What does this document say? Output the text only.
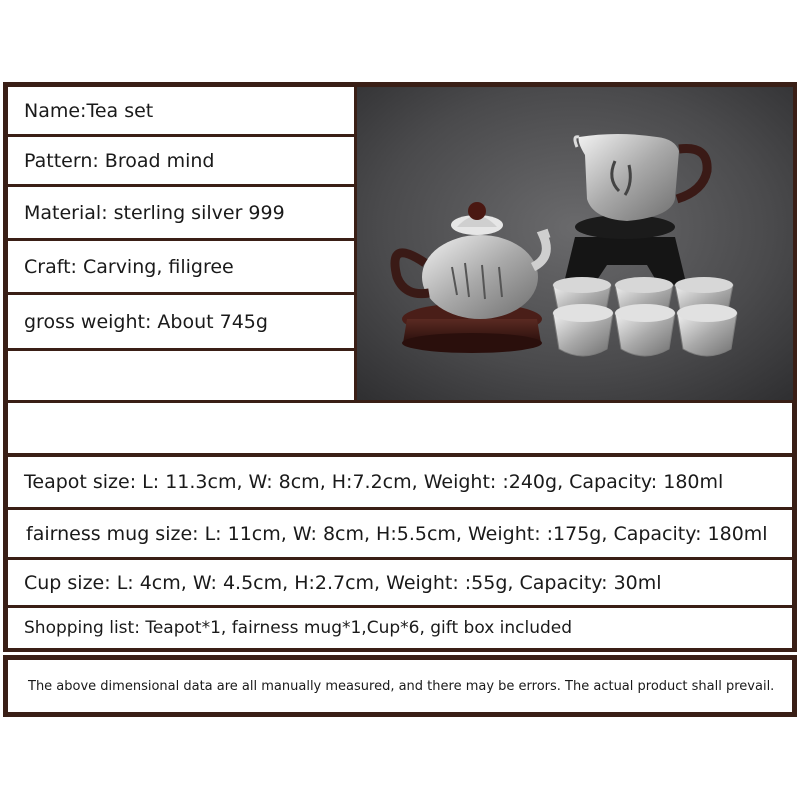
Name:Tea set
Pattern: Broad mind
Material: sterling silver 999
Craft: Carving, filigree
gross weight: About 745g
Teapot size: L: 11.3cm, W: 8cm, H:7.2cm, Weight: :240g, Capacity: 180ml
fairness mug size: L: 11cm, W: 8cm, H:5.5cm, Weight: :175g, Capacity: 180ml
Cup size: L: 4cm, W: 4.5cm, H:2.7cm, Weight: :55g, Capacity: 30ml
Shopping list: Teapot*1, fairness mug*1,Cup*6, gift box included
The above dimensional data are all manually measured, and there may be errors. The actual product shall prevail.
